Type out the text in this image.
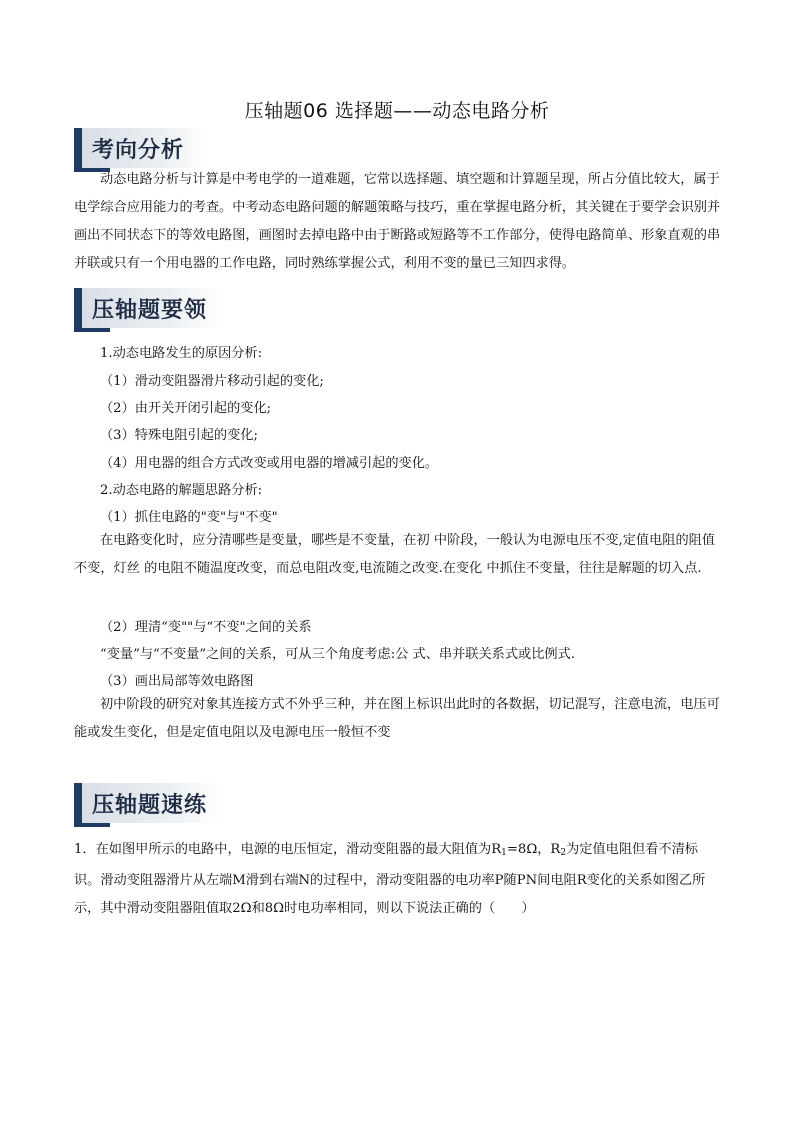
压轴题06 选择题——动态电路分析
考向分析

动态电路分析与计算是中考电学的一道难题，它常以选择题、填空题和计算题呈现，所占分值比较大，属于电学综合应用能力的考查。中考动态电路问题的解题策略与技巧，重在掌握电路分析，其关键在于要学会识别并画出不同状态下的等效电路图，画图时去掉电路中由于断路或短路等不工作部分，使得电路简单、形象直观的串并联或只有一个用电器的工作电路，同时熟练掌握公式，利用不变的量已三知四求得。

压轴题要领
1.动态电路发生的原因分析:
（1）滑动变阻器滑片移动引起的变化;
（2）由开关开闭引起的变化;
（3）特殊电阻引起的变化;
（4）用电器的组合方式改变或用电器的增减引起的变化。
2.动态电路的解题思路分析:
（1）抓住电路的"变"与"不变"

在电路变化时，应分清哪些是变量，哪些是不变量，在初 中阶段，一般认为电源电压不变,定值电阻的阻值不变，灯丝 的电阻不随温度改变，而总电阻改变,电流随之改变.在变化 中抓住不变量，往往是解题的切入点.

（2）理清“变""与“不变"之间的关系
“变量”与“不变量”之间的关系，可从三个角度考虑:公 式、串并联关系式或比例式.
（3）画出局部等效电路图

初中阶段的研究对象其连接方式不外乎三种，并在图上标识出此时的各数据，切记混写，注意电流，电压可能或发生变化，但是定值电阻以及电源电压一般恒不变

压轴题速练

1．在如图甲所示的电路中，电源的电压恒定，滑动变阻器的最大阻值为$R_1=8\Omega$，$R_2$为定值电阻但看不清标识。滑动变阻器滑片从左端M滑到右端N的过程中，滑动变阻器的电功率P随PN间电阻R变化的关系如图乙所示，其中滑动变阻器阻值取2Ω和8Ω时电功率相同，则以下说法正确的（　　）
